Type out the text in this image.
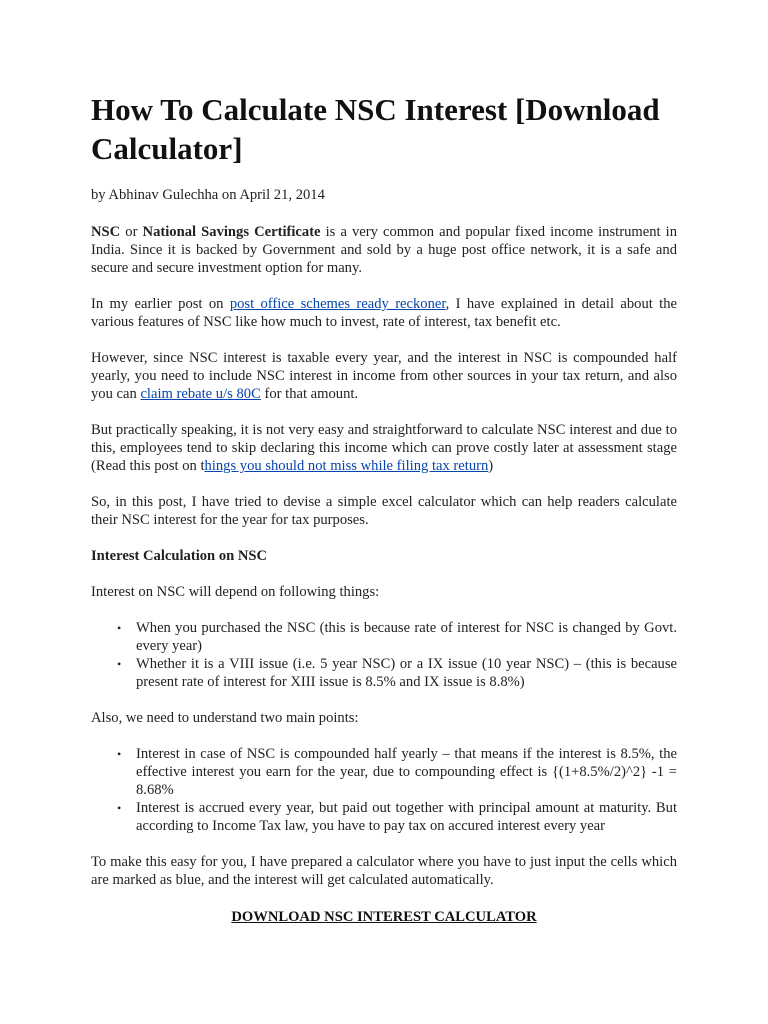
How To Calculate NSC Interest [Download Calculator]
by Abhinav Gulechha on April 21, 2014

NSC or National Savings Certificate is a very common and popular fixed income instrument in India. Since it is backed by Government and sold by a huge post office network, it is a safe and secure and secure investment option for many.

In my earlier post on post office schemes ready reckoner, I have explained in detail about the various features of NSC like how much to invest, rate of interest, tax benefit etc.

However, since NSC interest is taxable every year, and the interest in NSC is compounded half yearly, you need to include NSC interest in income from other sources in your tax return, and also you can claim rebate u/s 80C for that amount.

But practically speaking, it is not very easy and straightforward to calculate NSC interest and due to this, employees tend to skip declaring this income which can prove costly later at assessment stage (Read this post on things you should not miss while filing tax return)

So, in this post, I have tried to devise a simple excel calculator which can help readers calculate their NSC interest for the year for tax purposes.

Interest Calculation on NSC

Interest on NSC will depend on following things:

• When you purchased the NSC (this is because rate of interest for NSC is changed by Govt. every year)
• Whether it is a VIII issue (i.e. 5 year NSC) or a IX issue (10 year NSC) – (this is because present rate of interest for XIII issue is 8.5% and IX issue is 8.8%)

Also, we need to understand two main points:

• Interest in case of NSC is compounded half yearly – that means if the interest is 8.5%, the effective interest you earn for the year, due to compounding effect is {(1+8.5%/2)^2} -1 = 8.68%
• Interest is accrued every year, but paid out together with principal amount at maturity. But according to Income Tax law, you have to pay tax on accured interest every year

To make this easy for you, I have prepared a calculator where you have to just input the cells which are marked as blue, and the interest will get calculated automatically.

DOWNLOAD NSC INTEREST CALCULATOR
